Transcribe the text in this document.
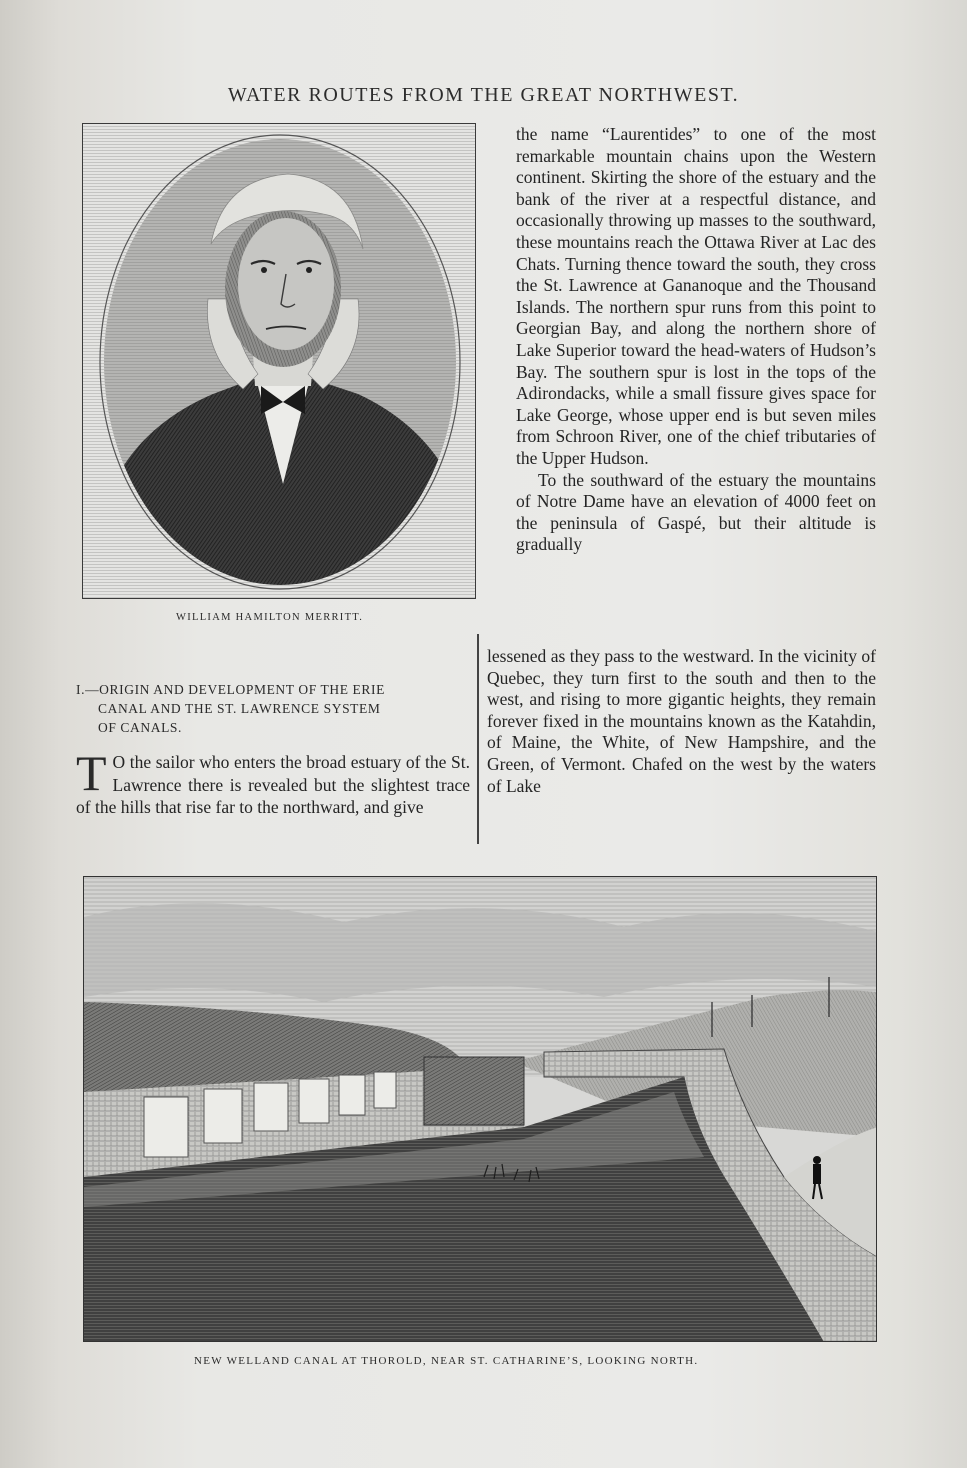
WATER ROUTES FROM THE GREAT NORTHWEST.
WILLIAM HAMILTON MERRITT.

the name “Laurentides” to one of the most remarkable mountain chains upon the Western continent. Skirting the shore of the estuary and the bank of the river at a respectful distance, and occasionally throwing up masses to the southward, these mountains reach the Ottawa River at Lac des Chats. Turning thence toward the south, they cross the St. Lawrence at Gananoque and the Thousand Islands. The northern spur runs from this point to Georgian Bay, and along the northern shore of Lake Superior toward the head-waters of Hudson’s Bay. The southern spur is lost in the tops of the Adirondacks, while a small fissure gives space for Lake George, whose upper end is but seven miles from Schroon River, one of the chief tributaries of the Upper Hudson.

To the southward of the estuary the mountains of Notre Dame have an elevation of 4000 feet on the peninsula of Gaspé, but their altitude is gradually

lessened as they pass to the westward. In the vicinity of Quebec, they turn first to the south and then to the west, and rising to more gigantic heights, they remain forever fixed in the mountains known as the Katahdin, of Maine, the White, of New Hampshire, and the Green, of Vermont. Chafed on the west by the waters of Lake
I.—ORIGIN AND DEVELOPMENT OF THE ERIE
CANAL AND THE ST. LAWRENCE SYSTEM
OF CANALS.
T O the sailor who enters the broad estuary of the St. Lawrence there is revealed but the slightest trace of the hills that rise far to the northward, and give
NEW WELLAND CANAL AT THOROLD, NEAR ST. CATHARINE’S, LOOKING NORTH.
